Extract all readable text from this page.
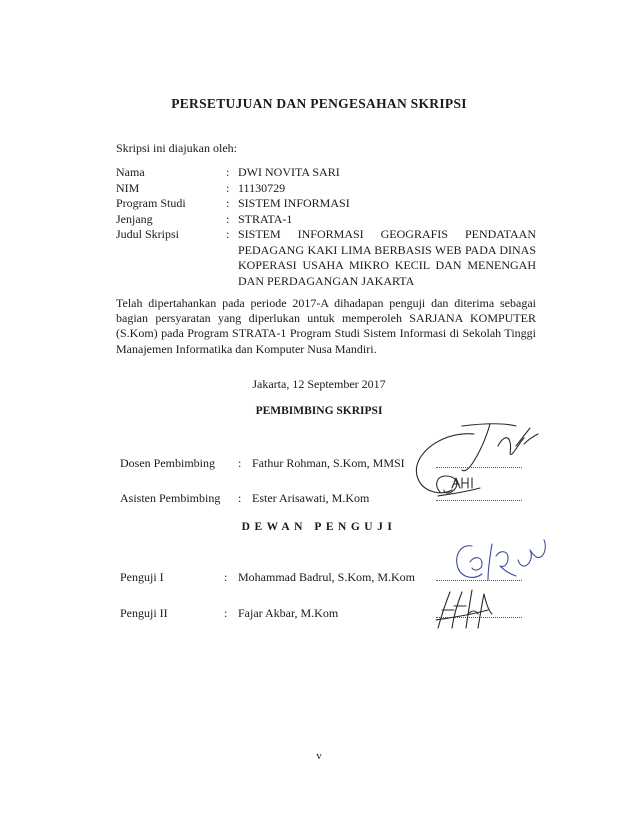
PERSETUJUAN DAN PENGESAHAN SKRIPSI
Skripsi ini diajukan oleh:
Nama	: DWI NOVITA SARI
NIM	: 11130729
Program Studi	: SISTEM INFORMASI
Jenjang	: STRATA-1
Judul Skripsi	: SISTEM INFORMASI GEOGRAFIS PENDATAAN PEDAGANG KAKI LIMA BERBASIS WEB PADA DINAS KOPERASI USAHA MIKRO KECIL DAN MENENGAH DAN PERDAGANGAN JAKARTA
Telah dipertahankan pada periode 2017-A dihadapan penguji dan diterima sebagai bagian persyaratan yang diperlukan untuk memperoleh SARJANA KOMPUTER (S.Kom) pada Program STRATA-1 Program Studi Sistem Informasi di Sekolah Tinggi Manajemen Informatika dan Komputer Nusa Mandiri.
Jakarta, 12 September 2017
PEMBIMBING SKRIPSI
Dosen Pembimbing	: Fathur Rohman, S.Kom, MMSI
Asisten Pembimbing	: Ester Arisawati, M.Kom
DEWAN PENGUJI
Penguji I	: Mohammad Badrul, S.Kom, M.Kom
Penguji II	: Fajar Akbar, M.Kom
v
